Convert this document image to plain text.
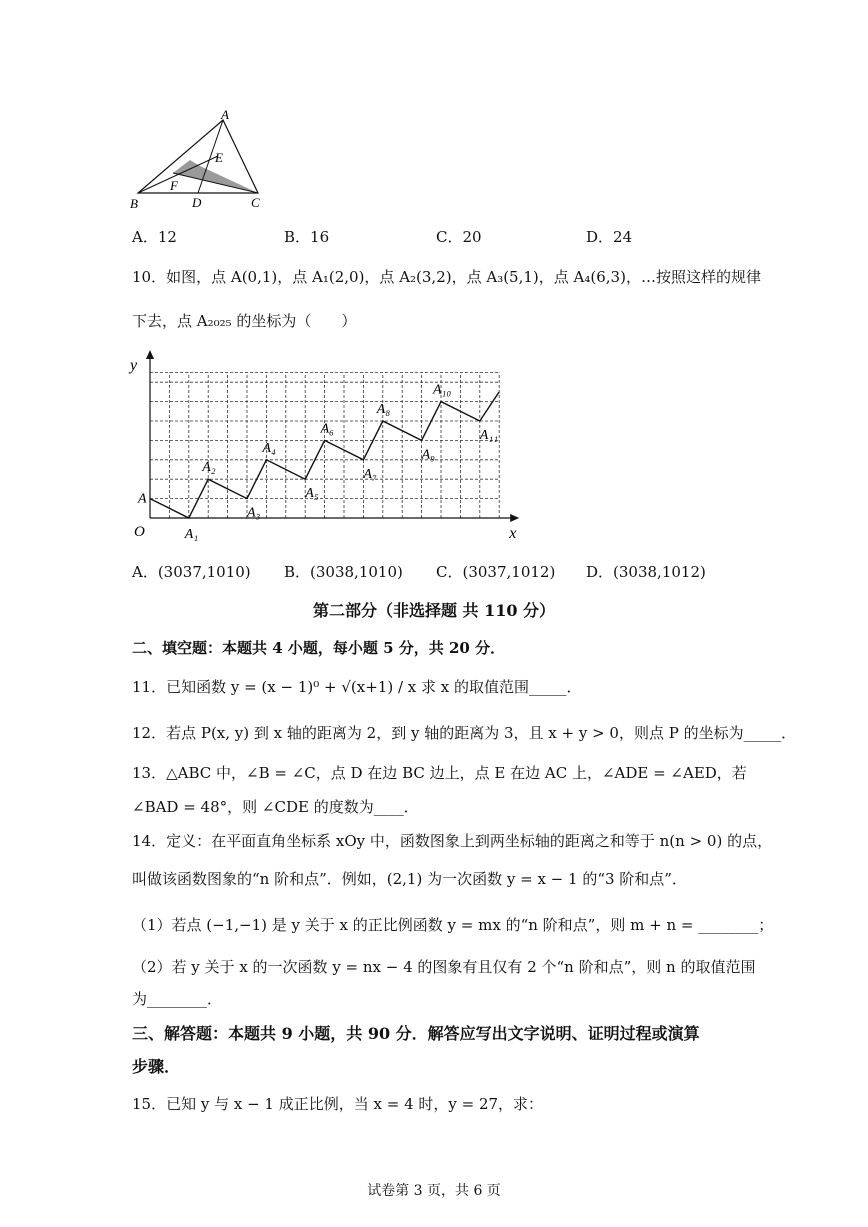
A
B	C
D
E
F
A．12	B．16	C．20	D．24
10．如图，点 A(0,1)，点 A₁(2,0)，点 A₂(3,2)，点 A₃(5,1)，点 A₄(6,3)，…按照这样的规律
下去，点 A₂₀₂₅ 的坐标为（　　）
x
y
O
A
A₁
A₂
A₃
A₄
A₅
A₆
A₇
A₈
A₉
A₁₀
A₁₁
A．(3037,1010) B．(3038,1010) C．(3037,1012) D．(3038,1012)
第二部分（非选择题 共 110 分）
二、填空题：本题共 4 小题，每小题 5 分，共 20 分．
11．已知函数 y = (x − 1)⁰ + √(x+1) / x 求 x 的取值范围_____．
12．若点 P(x, y) 到 x 轴的距离为 2，到 y 轴的距离为 3，且 x + y > 0，则点 P 的坐标为_____．
13．△ABC 中，∠B = ∠C，点 D 在边 BC 边上，点 E 在边 AC 上，∠ADE = ∠AED，若
∠BAD = 48°，则 ∠CDE 的度数为____．
14．定义：在平面直角坐标系 xOy 中，函数图象上到两坐标轴的距离之和等于 n(n > 0) 的点，
叫做该函数图象的“n 阶和点”．例如，(2,1) 为一次函数 y = x − 1 的“3 阶和点”．
（1）若点 (−1,−1) 是 y 关于 x 的正比例函数 y = mx 的“n 阶和点”，则 m + n = ________；
（2）若 y 关于 x 的一次函数 y = nx − 4 的图象有且仅有 2 个“n 阶和点”，则 n 的取值范围
为________．
三、解答题：本题共 9 小题，共 90 分．解答应写出文字说明、证明过程或演算
步骤．
15．已知 y 与 x − 1 成正比例，当 x = 4 时，y = 27，求：
试卷第 3 页，共 6 页
